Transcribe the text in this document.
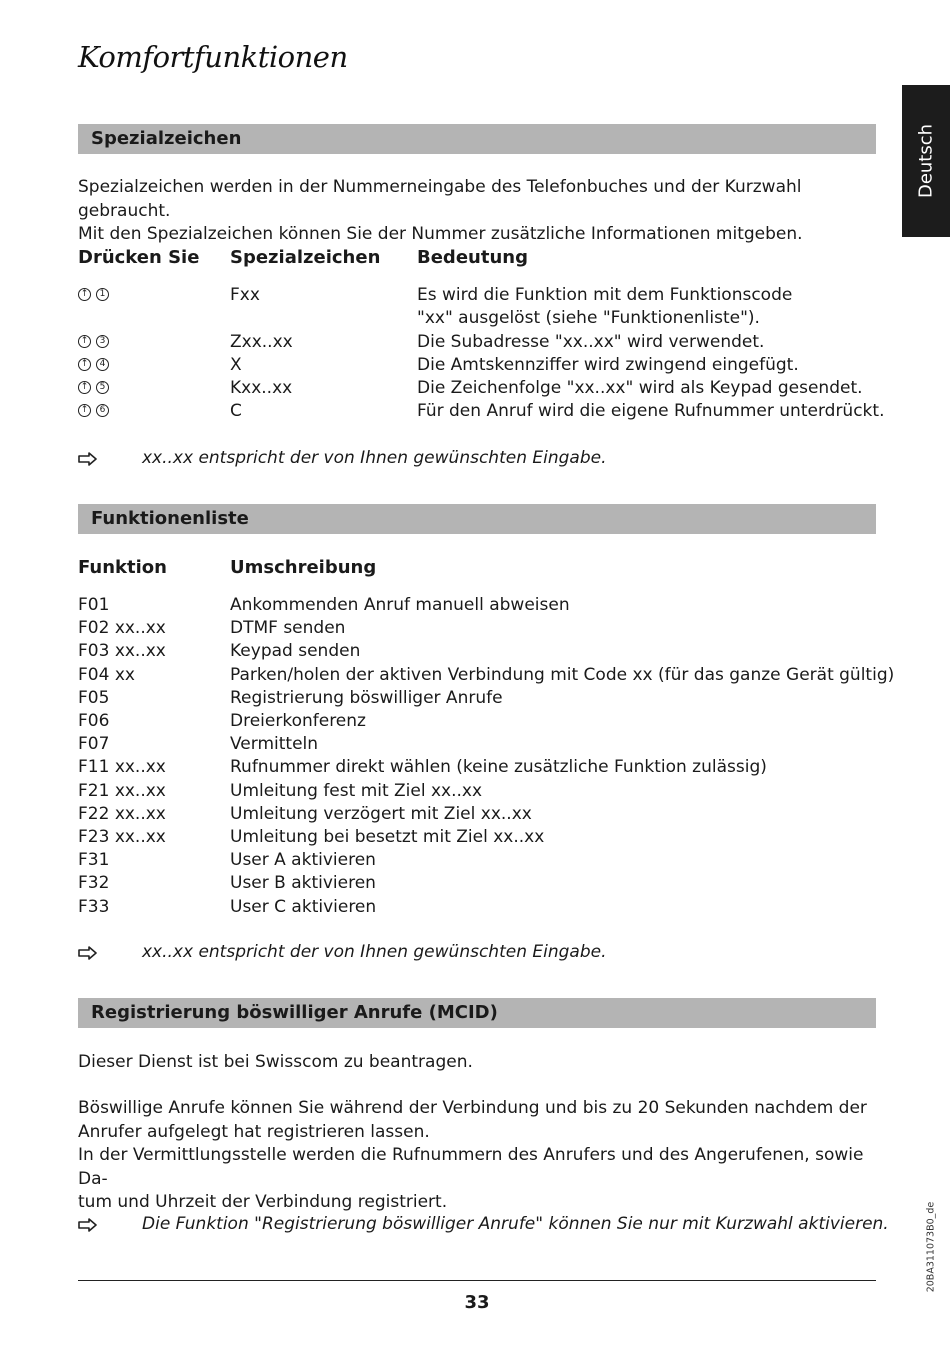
Komfortfunktionen
Deutsch
20BA311073B0_de
Spezialzeichen

Spezialzeichen werden in der Nummerneingabe des Telefonbuches und der Kurzwahl gebraucht.

Mit den Spezialzeichen können Sie der Nummer zusätzliche Informationen mitgeben.

Drücken Sie Spezialzeichen Bedeutung
↑	1	Fxx	Es wird die Funktion mit dem Funktionscode
"xx" ausgelöst (siehe "Funktionenliste").
↑	3	Zxx..xx	Die Subadresse "xx..xx" wird verwendet.
↑	4	X	Die Amtskennziffer wird zwingend eingefügt.
↑	5	Kxx..xx	Die Zeichenfolge "xx..xx" wird als Keypad gesendet.
↑	6	C	Für den Anruf wird die eigene Rufnummer unterdrückt.
xx..xx entspricht der von Ihnen gewünschten Eingabe.
Funktionenliste
Funktion	Umschreibung
F01	Ankommenden Anruf manuell abweisen
F02 xx..xx	DTMF senden
F03 xx..xx	Keypad senden
F04 xx	Parken/holen der aktiven Verbindung mit Code xx (für das ganze Gerät gültig)
F05	Registrierung böswilliger Anrufe
F06	Dreierkonferenz
F07	Vermitteln
F11 xx..xx	Rufnummer direkt wählen (keine zusätzliche Funktion zulässig)
F21 xx..xx	Umleitung fest mit Ziel xx..xx
F22 xx..xx	Umleitung verzögert mit Ziel xx..xx
F23 xx..xx	Umleitung bei besetzt mit Ziel xx..xx
F31	User A aktivieren
F32	User B aktivieren
F33	User C aktivieren
xx..xx entspricht der von Ihnen gewünschten Eingabe.
Registrierung böswilliger Anrufe (MCID)

Dieser Dienst ist bei Swisscom zu beantragen.

Böswillige Anrufe können Sie während der Verbindung und bis zu 20 Sekunden nachdem der

Anrufer aufgelegt hat registrieren lassen.

In der Vermittlungsstelle werden die Rufnummern des Anrufers und des Angerufenen, sowie Da-

tum und Uhrzeit der Verbindung registriert.

Die Funktion "Registrierung böswilliger Anrufe" können Sie nur mit Kurzwahl aktivieren.
33
